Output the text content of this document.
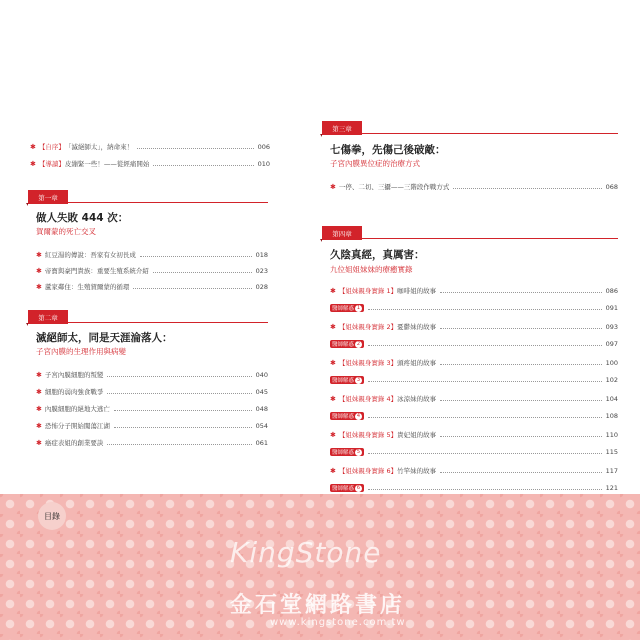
✱ 【自序】 「滅絕師太」，納命來！	006
✱ 【導讀】 皮繃緊一些！——從經痛開始	010
第一章
做人失敗 444 次：
賀爾蒙的死亡交叉
✱ 紅豆湯的傳說：吾家有女初長成	018
✱ 帝寶與豪門貴族：重要生殖系統介紹	023
✱ 蘆家鄰住：生殖賀爾蒙的循環	028
第二章
滅絕師太，同是天涯淪落人：
子宮內膜的生理作用與病變
✱ 子宮內膜細胞的叛變	040
✱ 細胞的弱肉強食戰爭	045
✱ 內膜細胞的絕地大逃亡	048
✱ 恐怖分子開始闖蕩江湖	054
✱ 癌症表姐的創業要訣	061
第三章
七傷拳，先傷己後破敵：
子宮內膜異位症的治療方式
✱ 一停、二切、三攝——三階段作戰方式	068
第四章
久陰真經，真厲害：
九位姐姐妹妹的療癒實錄
✱ 【姐妹親身實錄 1】 咖啡姐的故事	086
醫師解惑 1	091
✱ 【姐妹親身實錄 2】 憂鬱妹的故事	093
醫師解惑 2	097
✱ 【姐妹親身實錄 3】 頭疼姐的故事	100
醫師解惑 3	102
✱ 【姐妹親身實錄 4】 冰涼妹的故事	104
醫師解惑 4	108
✱ 【姐妹親身實錄 5】 貴妃姐的故事	110
醫師解惑 5	115
✱ 【姐妹親身實錄 6】 竹竿妹的故事	117
醫師解惑 6	121
目錄
KingStone
金石堂網路書店
www.kingstone.com.tw
